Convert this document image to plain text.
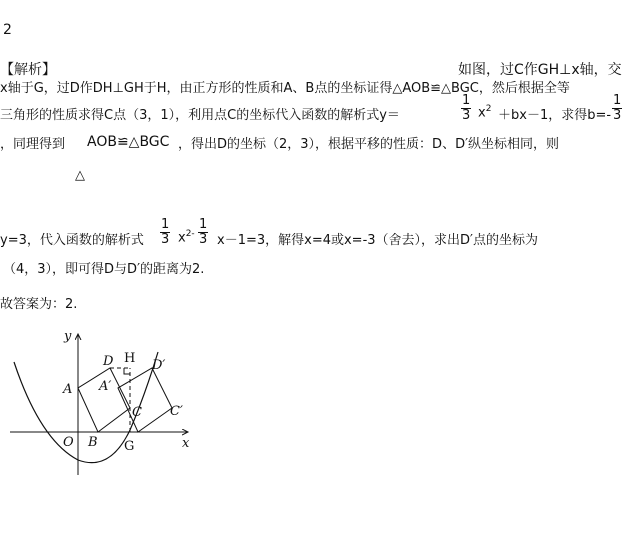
2
【解析】	如图，过C作GH⊥x轴，交
x轴于G，过D作DH⊥GH于H，由正方形的性质和A、B点的坐标证得△AOB≌△BGC，然后根据全等
三角形的性质求得C点（3，1），利用点C的坐标代入函数的解析式y＝	$\frac{1}{3} x^2 +bx-1$，求得$b=- \frac{1}{3}$
，同理得到 AOB≌△BGC ，得出D的坐标（2，3），根据平移的性质：D、D′纵坐标相同，则
△
y=3，代入函数的解析式 $\frac{1}{3} x^{2-} \frac{1}{3} x-1=3$，解得x=4或x=-3（舍去），求出D′点的坐标为
（4，3），即可得D与D′的距离为2.
故答案为：2.
y
x
O
A
B
C
G
D H D′
A′
C′
